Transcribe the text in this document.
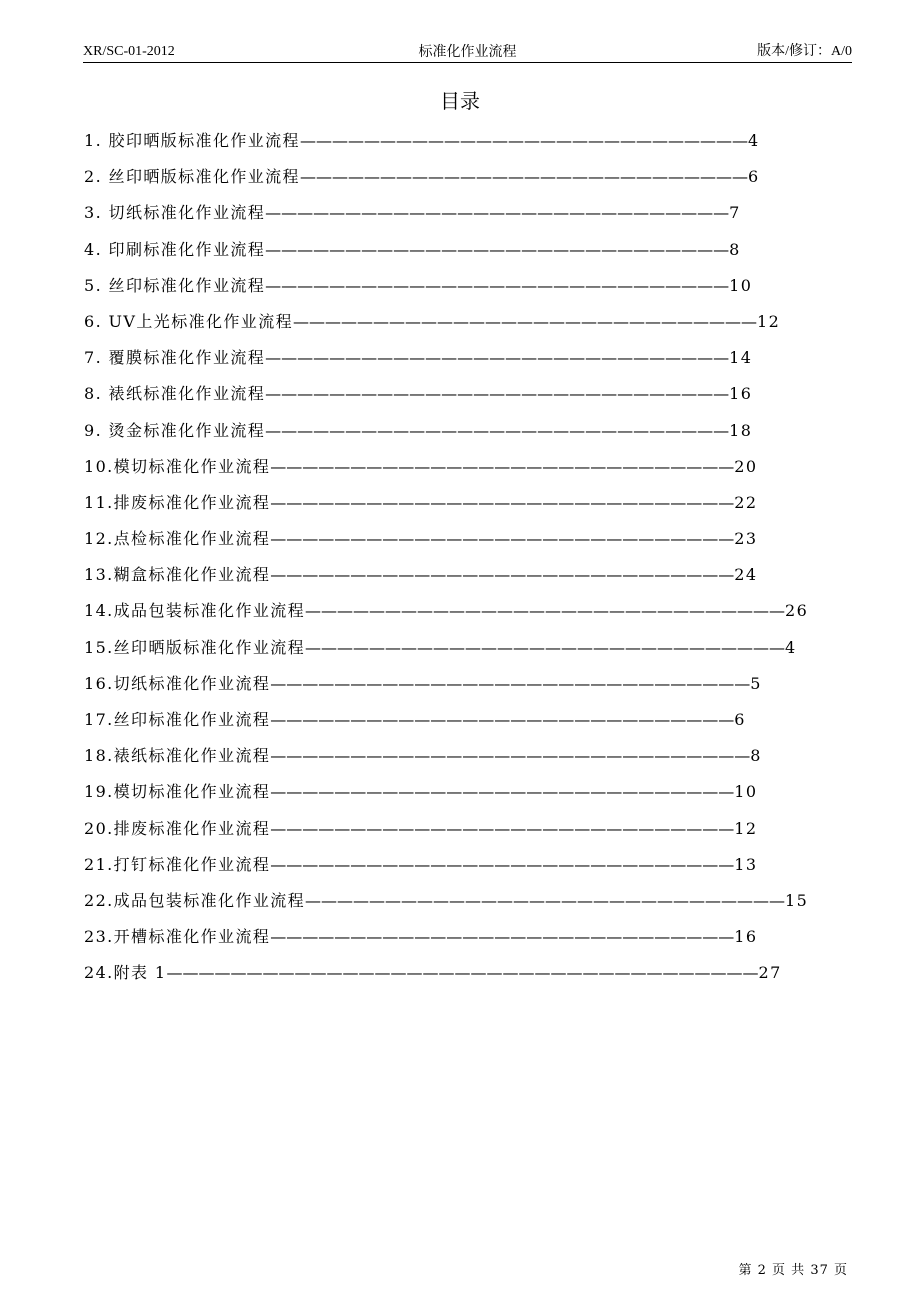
XR/SC-01-2012	标准化作业流程	版本/修订：A/0
目录
1. 胶印晒版标准化作业流程————————————————————————————4
2. 丝印晒版标准化作业流程————————————————————————————6
3. 切纸标准化作业流程—————————————————————————————7
4. 印刷标准化作业流程—————————————————————————————8
5. 丝印标准化作业流程—————————————————————————————10
6. UV上光标准化作业流程—————————————————————————————12
7. 覆膜标准化作业流程—————————————————————————————14
8. 裱纸标准化作业流程—————————————————————————————16
9. 烫金标准化作业流程—————————————————————————————18
10.模切标准化作业流程—————————————————————————————20
11.排废标准化作业流程—————————————————————————————22
12.点检标准化作业流程—————————————————————————————23
13.糊盒标准化作业流程—————————————————————————————24
14.成品包装标准化作业流程——————————————————————————————26
15.丝印晒版标准化作业流程——————————————————————————————4
16.切纸标准化作业流程——————————————————————————————5
17.丝印标准化作业流程—————————————————————————————6
18.裱纸标准化作业流程——————————————————————————————8
19.模切标准化作业流程—————————————————————————————10
20.排废标准化作业流程—————————————————————————————12
21.打钉标准化作业流程—————————————————————————————13
22.成品包装标准化作业流程——————————————————————————————15
23.开槽标准化作业流程—————————————————————————————16
24.附表 1—————————————————————————————————————27
第 2 页 共 37 页
